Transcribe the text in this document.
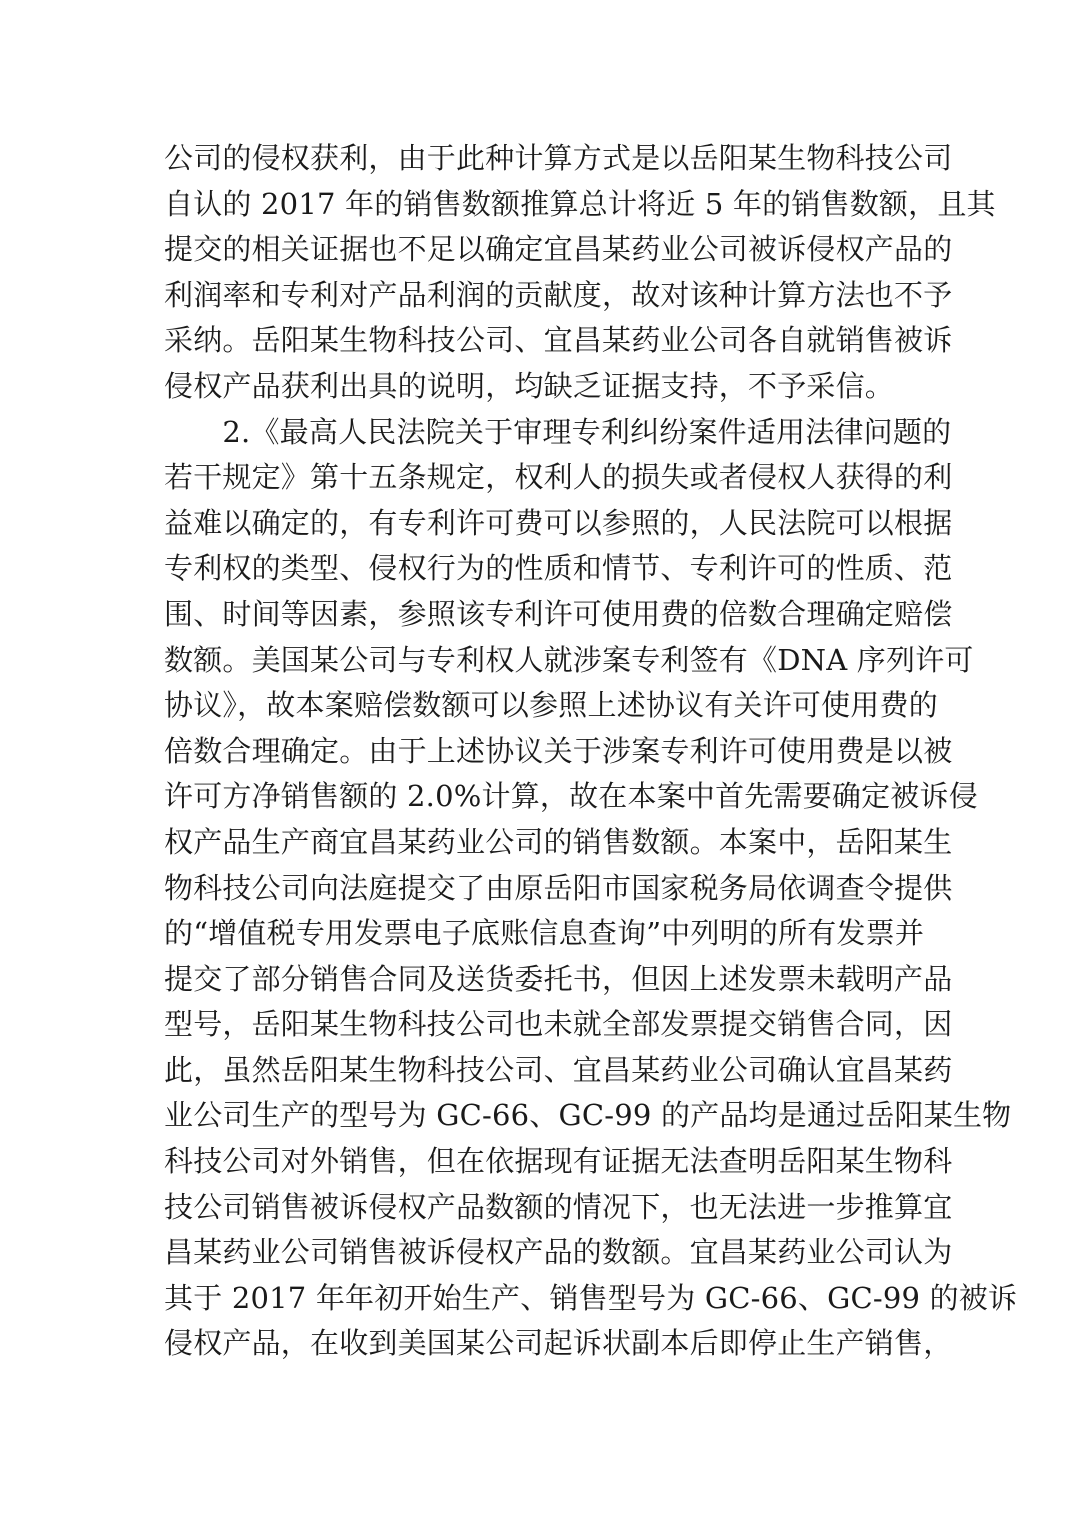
公司的侵权获利，由于此种计算方式是以岳阳某生物科技公司
自认的 2017 年的销售数额推算总计将近 5 年的销售数额，且其
提交的相关证据也不足以确定宜昌某药业公司被诉侵权产品的
利润率和专利对产品利润的贡献度，故对该种计算方法也不予
采纳。岳阳某生物科技公司、宜昌某药业公司各自就销售被诉
侵权产品获利出具的说明，均缺乏证据支持，不予采信。
　　2.《最高人民法院关于审理专利纠纷案件适用法律问题的
若干规定》第十五条规定，权利人的损失或者侵权人获得的利
益难以确定的，有专利许可费可以参照的，人民法院可以根据
专利权的类型、侵权行为的性质和情节、专利许可的性质、范
围、时间等因素，参照该专利许可使用费的倍数合理确定赔偿
数额。美国某公司与专利权人就涉案专利签有《DNA 序列许可
协议》，故本案赔偿数额可以参照上述协议有关许可使用费的
倍数合理确定。由于上述协议关于涉案专利许可使用费是以被
许可方净销售额的 2.0%计算，故在本案中首先需要确定被诉侵
权产品生产商宜昌某药业公司的销售数额。本案中，岳阳某生
物科技公司向法庭提交了由原岳阳市国家税务局依调查令提供
的“增值税专用发票电子底账信息查询”中列明的所有发票并
提交了部分销售合同及送货委托书，但因上述发票未载明产品
型号，岳阳某生物科技公司也未就全部发票提交销售合同，因
此，虽然岳阳某生物科技公司、宜昌某药业公司确认宜昌某药
业公司生产的型号为 GC-66、GC-99 的产品均是通过岳阳某生物
科技公司对外销售，但在依据现有证据无法查明岳阳某生物科
技公司销售被诉侵权产品数额的情况下，也无法进一步推算宜
昌某药业公司销售被诉侵权产品的数额。宜昌某药业公司认为
其于 2017 年年初开始生产、销售型号为 GC-66、GC-99 的被诉
侵权产品，在收到美国某公司起诉状副本后即停止生产销售，
